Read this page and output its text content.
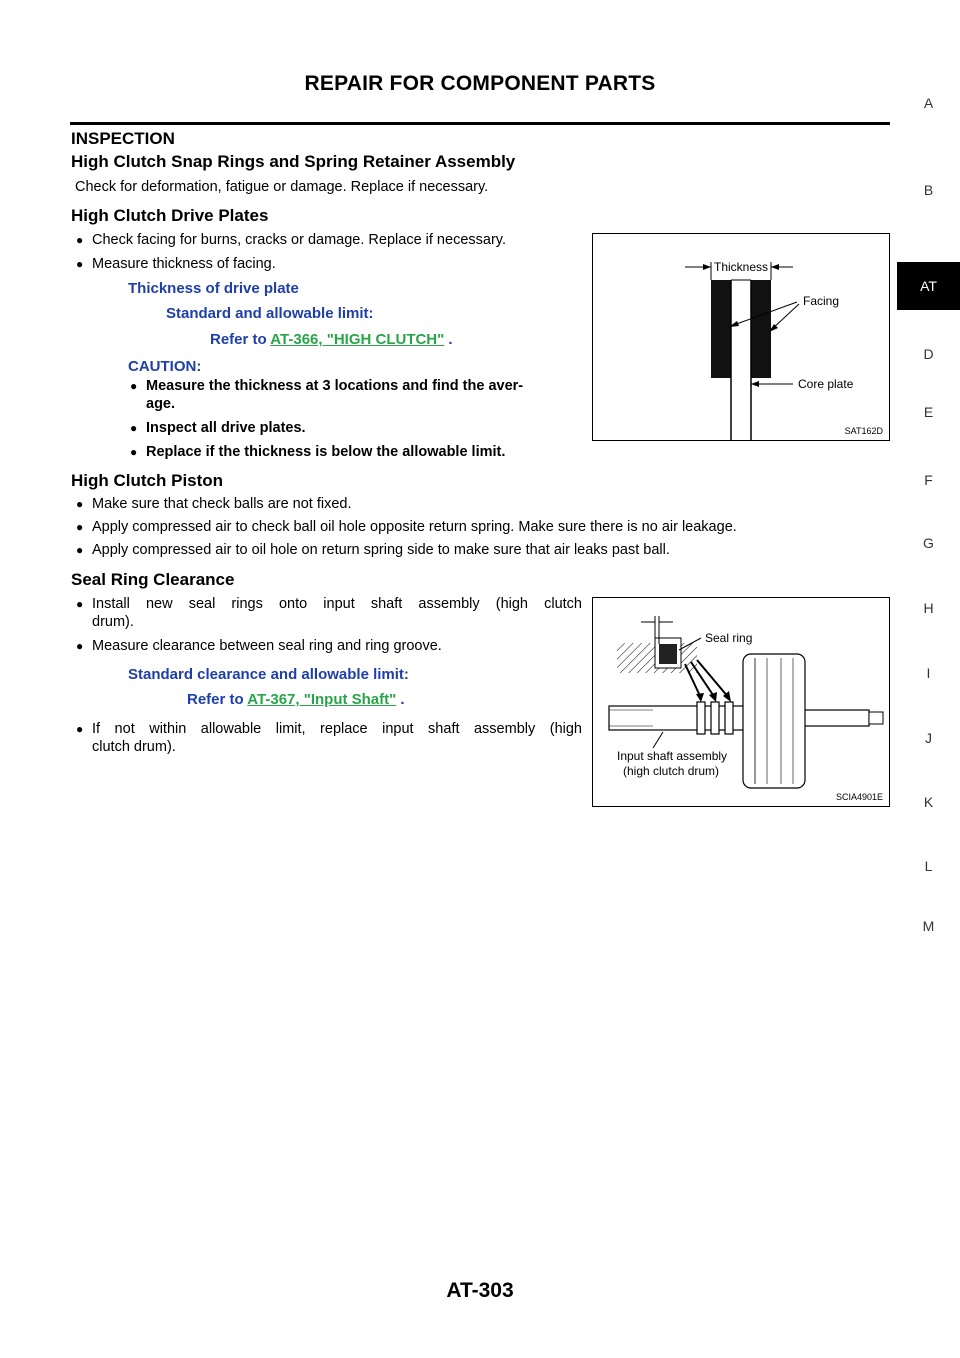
REPAIR FOR COMPONENT PARTS
A
B
AT
D
E
F
G
H
I
J
K
L
M
INSPECTION
High Clutch Snap Rings and Spring Retainer Assembly
Check for deformation, fatigue or damage. Replace if necessary.
High Clutch Drive Plates
● Check facing for burns, cracks or damage. Replace if necessary.
● Measure thickness of facing.
Thickness of drive plate
Standard and allowable limit:
Refer to AT-366, "HIGH CLUTCH" .
CAUTION:
● Measure the thickness at 3 locations and find the aver-
age.
● Inspect all drive plates.
● Replace if the thickness is below the allowable limit.
Thickness
Facing
Core plate
SAT162D
High Clutch Piston
● Make sure that check balls are not fixed.
● Apply compressed air to check ball oil hole opposite return spring. Make sure there is no air leakage.
● Apply compressed air to oil hole on return spring side to make sure that air leaks past ball.
Seal Ring Clearance
● Install new seal rings onto input shaft assembly (high clutch
drum).
● Measure clearance between seal ring and ring groove.
Standard clearance and allowable limit:
Refer to AT-367, "Input Shaft" .
● If not within allowable limit, replace input shaft assembly (high
clutch drum).
Seal ring
Input shaft assembly
(high clutch drum)
SCIA4901E
AT-303
